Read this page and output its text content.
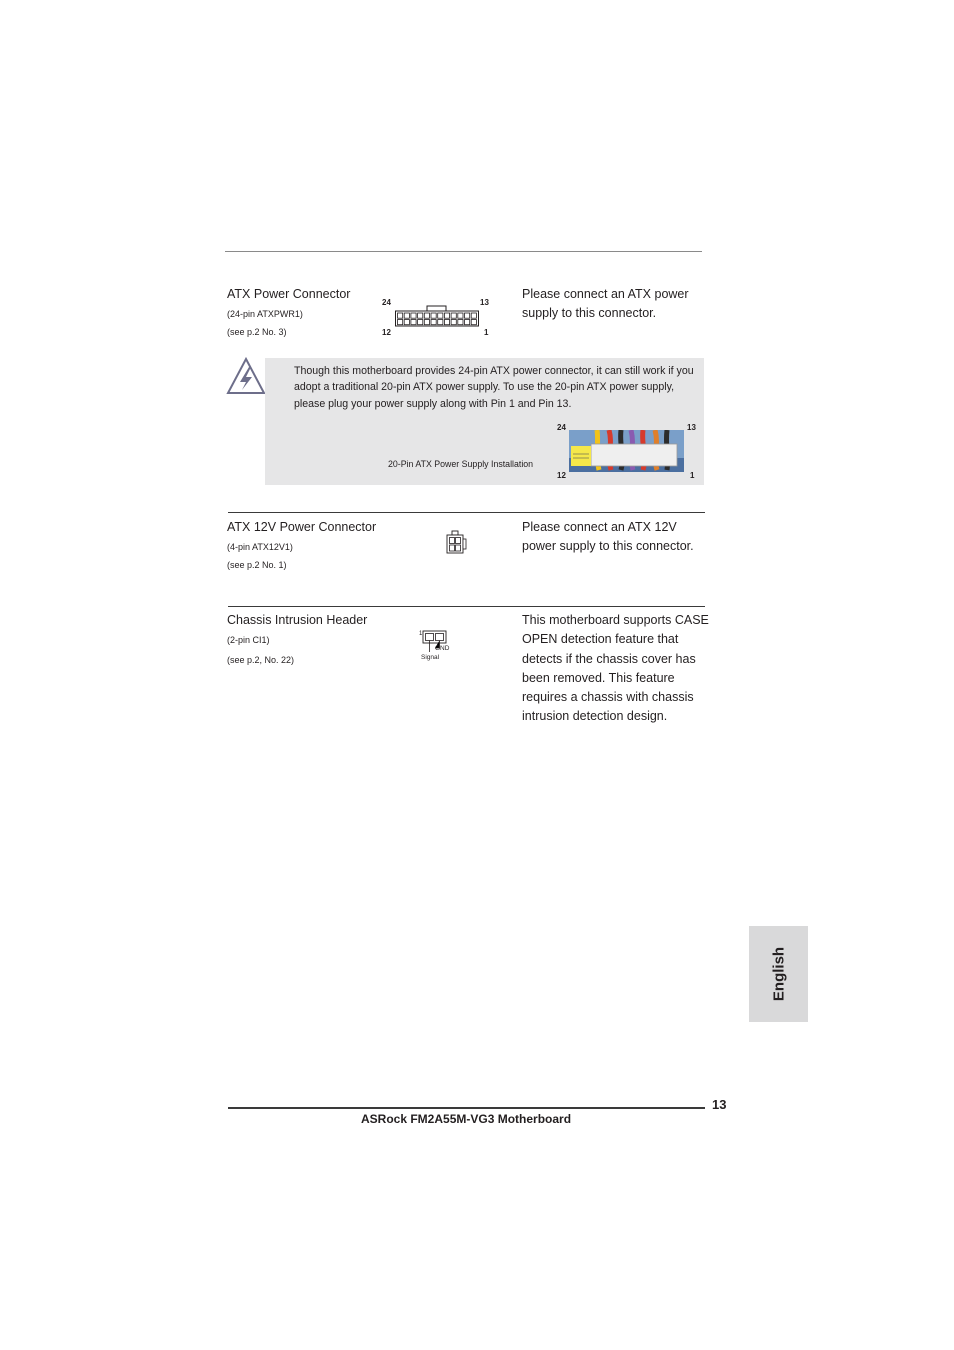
ATX Power Connector
(24-pin ATXPWR1)
(see p.2 No. 3)
24	13
12	1
Please connect an ATX power supply to this connector.
Though this motherboard provides 24-pin ATX power connector, it can still work if you adopt a traditional 20-pin ATX power supply. To use the 20-pin ATX power supply, please plug your power supply along with Pin 1 and Pin 13.
20-Pin ATX Power Supply Installation
24	13
12	1
ATX 12V Power Connector
(4-pin ATX12V1)
(see p.2 No. 1)
Please connect an ATX 12V power supply to this connector.
Chassis Intrusion Header
(2-pin CI1)
(see p.2, No. 22)
1
GND
Signal
This motherboard supports CASE OPEN detection feature that detects if the chassis cover has been removed. This feature requires a chassis with chassis intrusion detection design.
English
13
ASRock FM2A55M-VG3 Motherboard
